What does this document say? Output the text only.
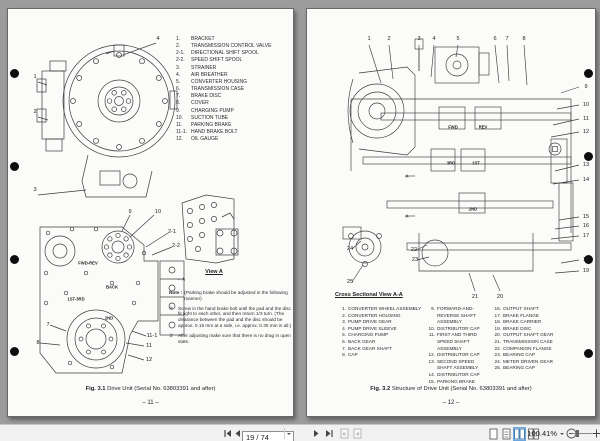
View A
1.	BRACKET
2.	TRANSMISSION CONTROL VALVE
2-1.	DIRECTIONAL SHIFT SPOOL
2-2.	SPEED SHIFT SPOOL
3.	STRAINER
4.	AIR BREATHER
5.	CONVERTER HOUSING
6.	TRANSMISSION CASE
7.	BRAKE DISC
8.	COVER
9.	CHARGING PUMP
10.	SUCTION TUBE
11.	PARKING BRAKE
11-1. HAND BRAKE BOLT
12.	OIL GAUGE
Note : (Parking brake should be adjusted in the following manner)
①	Screw in the hand brake bolt until the pad and the disc fit tight to each other, and then return 1/3 turn. (The clearance between the pad and the disc should be approx. 0.15 mm at a side, i.e. approx. 0.30 mm in all.)
②	After adjusting make sure that there is no drag in open state.
Fig. 3.1 Drive Unit (Serial No. 63803391 and after)
– 11 –
1
2
3
4
9	10
2-1
2-2
7
8
11-1
11
12
FWD-REV
BACK
1ST-3RD
2ND
← A
Cross Sectional View A-A
1. CONVERTER WHEEL ASSEMBLY
2. CONVERTER HOUSING
3. PUMP DRIVE GEAR
4. PUMP DRIVE SLEEVE
5. CHARGING PUMP
6. BACK GEAR
7. BACK GEAR SHAFT
8. CAP
9. FORWARD-AND-REVERSE SHAFT ASSEMBLY
10. DISTRIBUTOR CAP
11. FIRST AND THIRD SPEED SHAFT ASSEMBLY
12. DISTRIBUTOR CAP
13. SECOND SPEED SHAFT ASSEMBLY
14. DISTRIBUTOR CAP
15. PARKING BRAKE
16. OUTPUT SHAFT
17. BRAKE FLANGE
18. BRAKE CARRIER
19. BRAKE DISC
20. OUTPUT SHAFT GEAR
21. TRANSMISSION CASE
22. COMPANION FLANGE
23. BEARING CAP
24. METER DRIVEN GEAR
25. BEARING CAP
Fig. 3.2 Structure of Drive Unit (Serial No. 63803391 and after)
– 12 –
1	2	3 4	5	6 7 8
9
10
11
12
13
14
15
16
17
18
19
20
21
22
23
24
25
FWD	REV
3RD	1ST
2ND
A
A
19 / 74
100.41%
